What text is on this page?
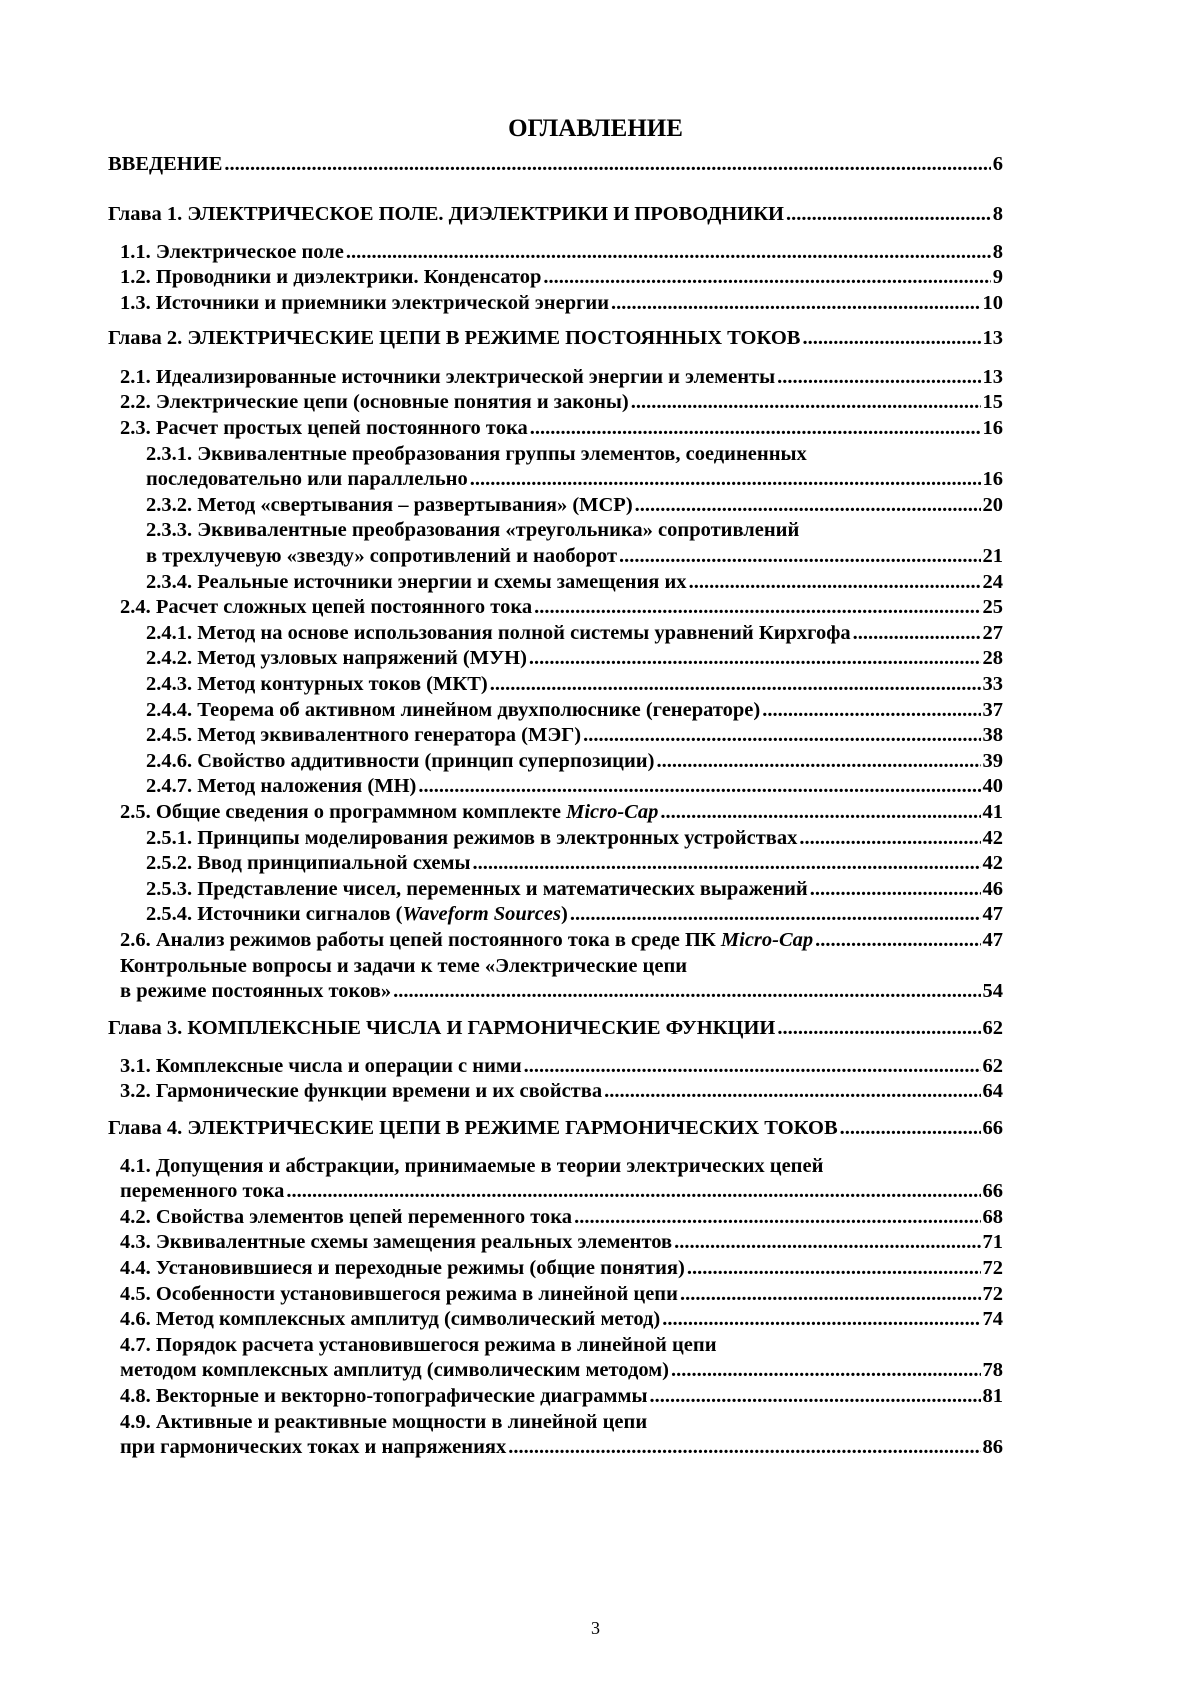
ОГЛАВЛЕНИЕ
ВВЕДЕНИЕ .....	6
Глава 1. ЭЛЕКТРИЧЕСКОЕ ПОЛЕ. ДИЭЛЕКТРИКИ И ПРОВОДНИКИ .....	8
1.1. Электрическое поле .....	8
1.2. Проводники и диэлектрики. Конденсатор .....	9
1.3. Источники и приемники электрической энергии .....	10
Глава 2. ЭЛЕКТРИЧЕСКИЕ ЦЕПИ В РЕЖИМЕ ПОСТОЯННЫХ ТОКОВ .....	13
2.1. Идеализированные источники электрической энергии и элементы .....	13
2.2. Электрические цепи (основные понятия и законы) .....	15
2.3. Расчет простых цепей постоянного тока .....	16
2.3.1. Эквивалентные преобразования группы элементов, соединенных
последовательно или параллельно .....	16
2.3.2. Метод «свертывания – развертывания» (МСР) .....	20
2.3.3. Эквивалентные преобразования «треугольника» сопротивлений
в трехлучевую «звезду» сопротивлений и наоборот .....	21
2.3.4. Реальные источники энергии и схемы замещения их .....	24
2.4. Расчет сложных цепей постоянного тока .....	25
2.4.1. Метод на основе использования полной системы уравнений Кирхгофа .....	27
2.4.2. Метод узловых напряжений (МУН) .....	28
2.4.3. Метод контурных токов (МКТ) .....	33
2.4.4. Теорема об активном линейном двухполюснике (генераторе) .....	37
2.4.5. Метод эквивалентного генератора (МЭГ) .....	38
2.4.6. Свойство аддитивности (принцип суперпозиции) .....	39
2.4.7. Метод наложения (МН) .....	40
2.5. Общие сведения о программном комплекте Micro-Cap .....	41
2.5.1. Принципы моделирования режимов в электронных устройствах .....	42
2.5.2. Ввод принципиальной схемы .....	42
2.5.3. Представление чисел, переменных и математических выражений .....	46
2.5.4. Источники сигналов (Waveform Sources) .....	47
2.6. Анализ режимов работы цепей постоянного тока в среде ПК Micro-Cap .....	47
Контрольные вопросы и задачи к теме «Электрические цепи
в режиме постоянных токов» .....	54
Глава 3. КОМПЛЕКСНЫЕ ЧИСЛА И ГАРМОНИЧЕСКИЕ ФУНКЦИИ .....	62
3.1. Комплексные числа и операции с ними .....	62
3.2. Гармонические функции времени и их свойства .....	64
Глава 4. ЭЛЕКТРИЧЕСКИЕ ЦЕПИ В РЕЖИМЕ ГАРМОНИЧЕСКИХ ТОКОВ .....	66
4.1. Допущения и абстракции, принимаемые в теории электрических цепей
переменного тока .....	66
4.2. Свойства элементов цепей переменного тока .....	68
4.3. Эквивалентные схемы замещения реальных элементов .....	71
4.4. Установившиеся и переходные режимы (общие понятия) .....	72
4.5. Особенности установившегося режима в линейной цепи .....	72
4.6. Метод комплексных амплитуд (символический метод) .....	74
4.7. Порядок расчета установившегося режима в линейной цепи
методом комплексных амплитуд (символическим методом) .....	78
4.8. Векторные и векторно-топографические диаграммы .....	81
4.9. Активные и реактивные мощности в линейной цепи
при гармонических токах и напряжениях .....	86
3
